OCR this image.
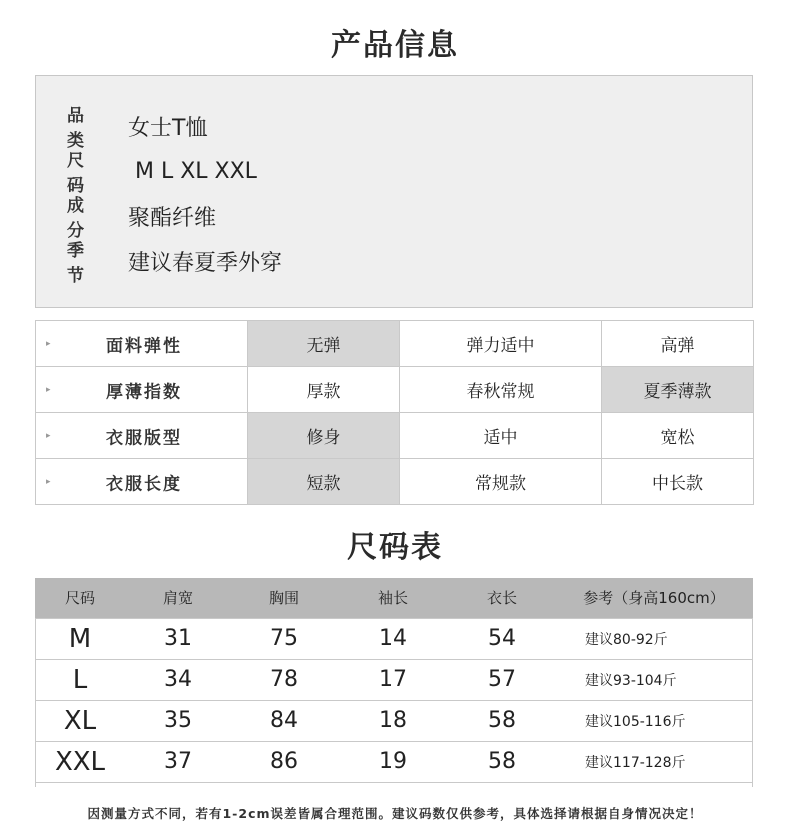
产品信息
品类
女士T恤
尺码
M L XL XXL
成分
聚酯纤维
季节
建议春夏季外穿
▸ 面料弹性	无弹	弹力适中	高弹

▸ 厚薄指数	厚款	春秋常规	夏季薄款

▸ 衣服版型	修身	适中	宽松

▸ 衣服长度	短款	常规款	中长款
尺码表
尺码	肩宽	胸围	袖长	衣长	参考（身高160cm）
M	31	75	14	54	建议80-92斤
L	34	78	17	57	建议93-104斤
XL	35	84	18	58	建议105-116斤
XXL	37	86	19	58	建议117-128斤
因测量方式不同，若有1-2cm误差皆属合理范围。建议码数仅供参考，具体选择请根据自身情况决定！
